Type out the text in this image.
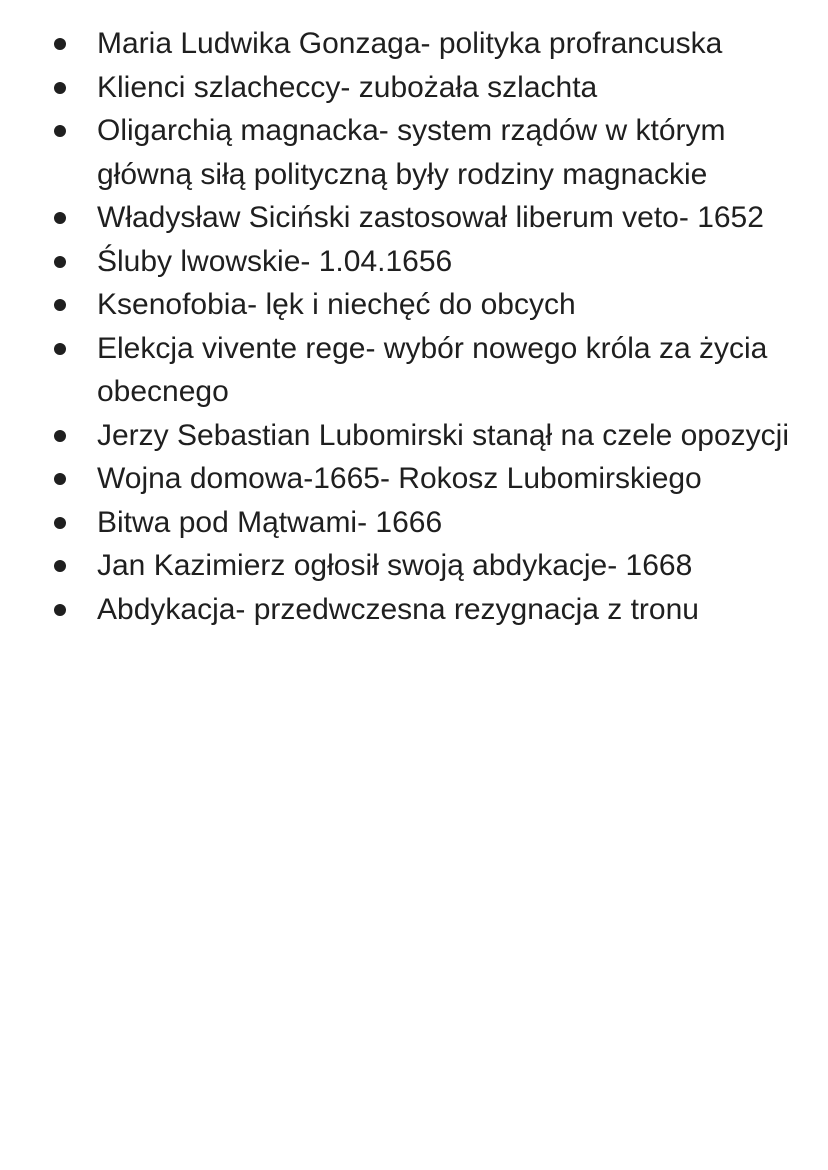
Maria Ludwika Gonzaga- polityka profrancuska
Klienci szlacheccy- zubożała szlachta
Oligarchią magnacka- system rządów w którym główną siłą polityczną były rodziny magnackie
Władysław Siciński zastosował liberum veto- 1652
Śluby lwowskie- 1.04.1656
Ksenofobia- lęk i niechęć do obcych
Elekcja vivente rege- wybór nowego króla za życia obecnego
Jerzy Sebastian Lubomirski stanął na czele opozycji
Wojna domowa-1665- Rokosz Lubomirskiego
Bitwa pod Mątwami- 1666
Jan Kazimierz ogłosił swoją abdykacje- 1668
Abdykacja- przedwczesna rezygnacja z tronu
